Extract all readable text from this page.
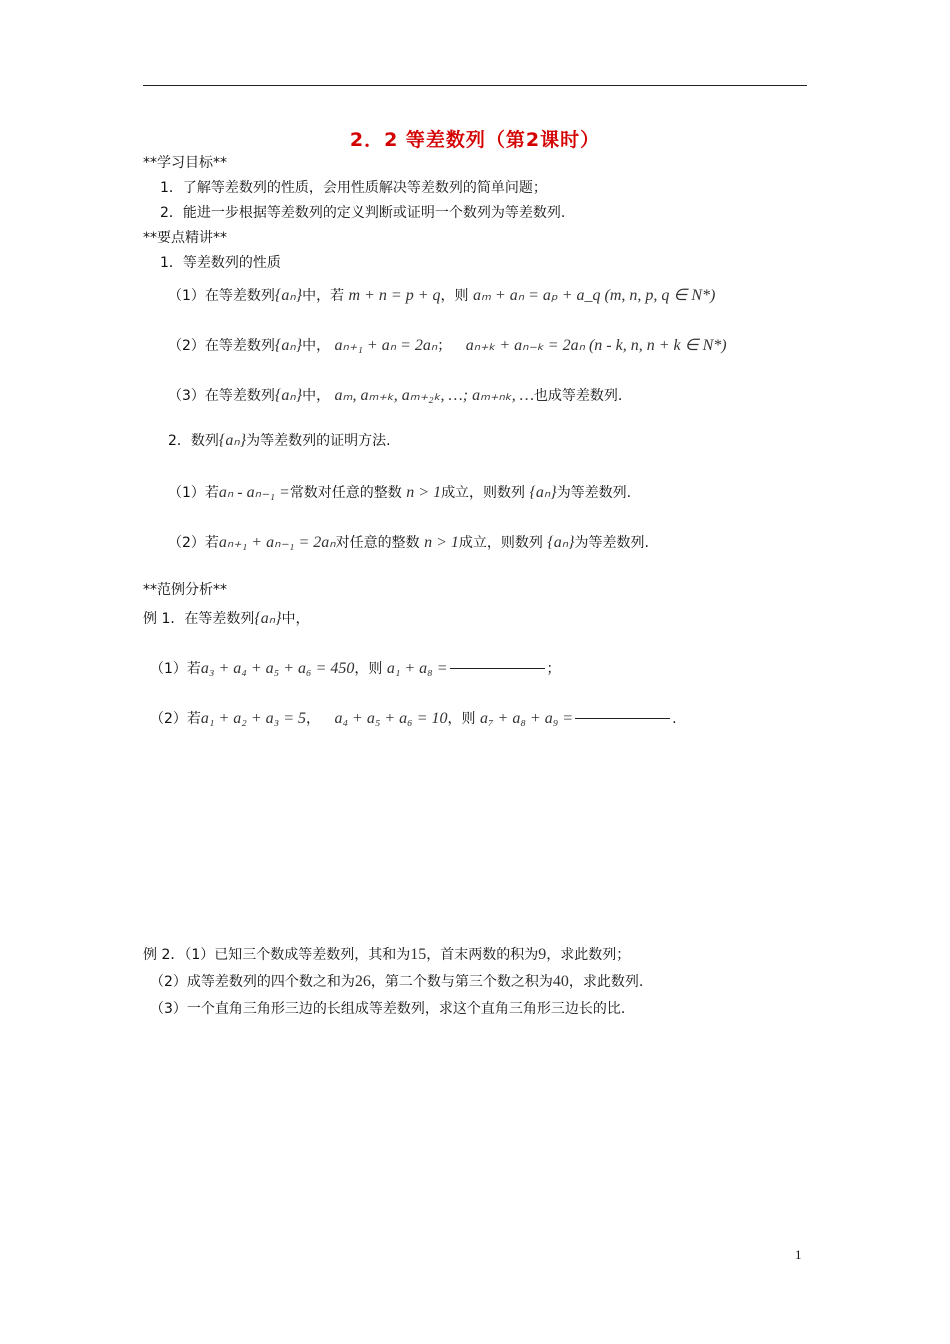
2．2 等差数列（第2课时）
**学习目标**
1．了解等差数列的性质，会用性质解决等差数列的简单问题；
2．能进一步根据等差数列的定义判断或证明一个数列为等差数列.
**要点精讲**
1．等差数列的性质
（1）在等差数列{aₙ}中，若 m + n = p + q，则 aₘ + aₙ = aₚ + a_q (m, n, p, q ∈ N*)
（2）在等差数列{aₙ}中， aₙ₊₁ + aₙ = 2aₙ； aₙ₊ₖ + aₙ₋ₖ = 2aₙ (n - k, n, n + k ∈ N*)
（3）在等差数列{aₙ}中， aₘ, aₘ₊ₖ, aₘ₊₂ₖ, …; aₘ₊ₙₖ, …也成等差数列.
2．数列{aₙ}为等差数列的证明方法.
（1）若aₙ - aₙ₋₁ =常数对任意的整数 n > 1成立，则数列 {aₙ}为等差数列.
（2）若aₙ₊₁ + aₙ₋₁ = 2aₙ对任意的整数 n > 1成立，则数列 {aₙ}为等差数列.
**范例分析**
例 1．在等差数列{aₙ}中，
（1）若a₃ + a₄ + a₅ + a₆ = 450，则 a₁ + a₈ =	；
（2）若a₁ + a₂ + a₃ = 5， a₄ + a₅ + a₆ = 10，则 a₇ + a₈ + a₉ =	.
例 2．（1）已知三个数成等差数列，其和为15，首末两数的积为9，求此数列；
（2）成等差数列的四个数之和为26，第二个数与第三个数之积为40，求此数列.
（3）一个直角三角形三边的长组成等差数列，求这个直角三角形三边长的比.
1
